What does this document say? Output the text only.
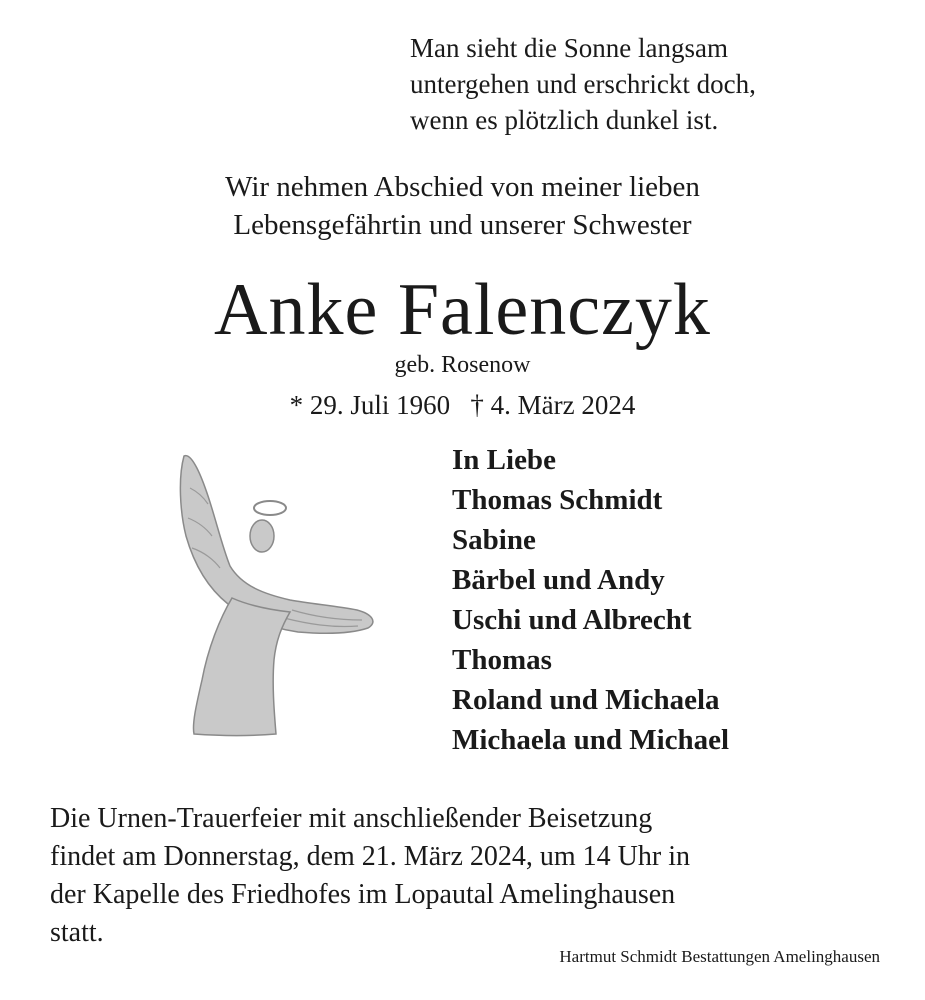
Man sieht die Sonne langsam
untergehen und erschrickt doch,
wenn es plötzlich dunkel ist.
Wir nehmen Abschied von meiner lieben
Lebensgefährtin und unserer Schwester
Anke Falenczyk
geb. Rosenow
* 29. Juli 1960   † 4. März 2024
In Liebe
Thomas Schmidt
Sabine
Bärbel und Andy
Uschi und Albrecht
Thomas
Roland und Michaela
Michaela und Michael
Die Urnen-Trauerfeier mit anschließender Beisetzung
findet am Donnerstag, dem 21. März 2024, um 14 Uhr in
der Kapelle des Friedhofes im Lopautal Amelinghausen
statt.
Hartmut Schmidt Bestattungen Amelinghausen
